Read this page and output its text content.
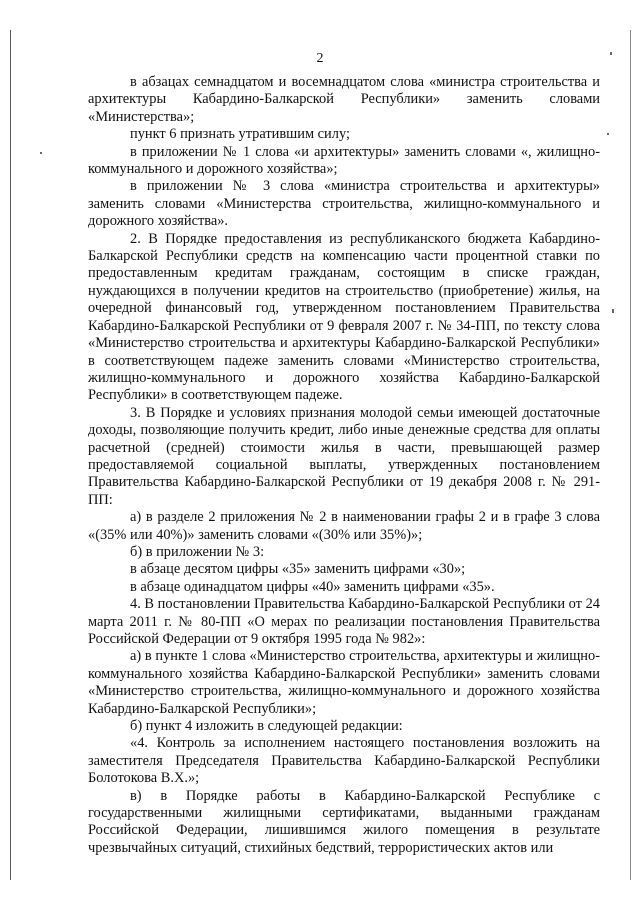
2

в абзацах семнадцатом и восемнадцатом слова «министра строительства и архитектуры Кабардино-Балкарской Республики» заменить словами «Министерства»;

пункт 6 признать утратившим силу;

в приложении № 1 слова «и архитектуры» заменить словами «, жилищно-коммунального и дорожного хозяйства»;

в приложении № 3 слова «министра строительства и архитектуры» заменить словами «Министерства строительства, жилищно-коммунального и дорожного хозяйства».

2. В Порядке предоставления из республиканского бюджета Кабардино-Балкарской Республики средств на компенсацию части процентной ставки по предоставленным кредитам гражданам, состоящим в списке граждан, нуждающихся в получении кредитов на строительство (приобретение) жилья, на очередной финансовый год, утвержденном постановлением Правительства Кабардино-Балкарской Республики от 9 февраля 2007 г. № 34-ПП, по тексту слова «Министерство строительства и архитектуры Кабардино-Балкарской Республики» в соответствующем падеже заменить словами «Министерство строительства, жилищно-коммунального и дорожного хозяйства Кабардино-Балкарской Республики» в соответствующем падеже.

3. В Порядке и условиях признания молодой семьи имеющей достаточные доходы, позволяющие получить кредит, либо иные денежные средства для оплаты расчетной (средней) стоимости жилья в части, превышающей размер предоставляемой социальной выплаты, утвержденных постановлением Правительства Кабардино-Балкарской Республики от 19 декабря 2008 г. № 291-ПП:

а) в разделе 2 приложения № 2 в наименовании графы 2 и в графе 3 слова «(35% или 40%)» заменить словами «(30% или 35%)»;

б) в приложении № 3:

в абзаце десятом цифры «35» заменить цифрами «30»;

в абзаце одинадцатом цифры «40» заменить цифрами «35».

4. В постановлении Правительства Кабардино-Балкарской Республики от 24 марта 2011 г. № 80-ПП «О мерах по реализации постановления Правительства Российской Федерации от 9 октября 1995 года № 982»:

а) в пункте 1 слова «Министерство строительства, архитектуры и жилищно-коммунального хозяйства Кабардино-Балкарской Республики» заменить словами «Министерство строительства, жилищно-коммунального и дорожного хозяйства Кабардино-Балкарской Республики»;

б) пункт 4 изложить в следующей редакции:

«4. Контроль за исполнением настоящего постановления возложить на заместителя Председателя Правительства Кабардино-Балкарской Республики Болотокова В.Х.»;

в) в Порядке работы в Кабардино-Балкарской Республике с государственными жилищными сертификатами, выданными гражданам Российской Федерации, лишившимся жилого помещения в результате чрезвычайных ситуаций, стихийных бедствий, террористических актов или
